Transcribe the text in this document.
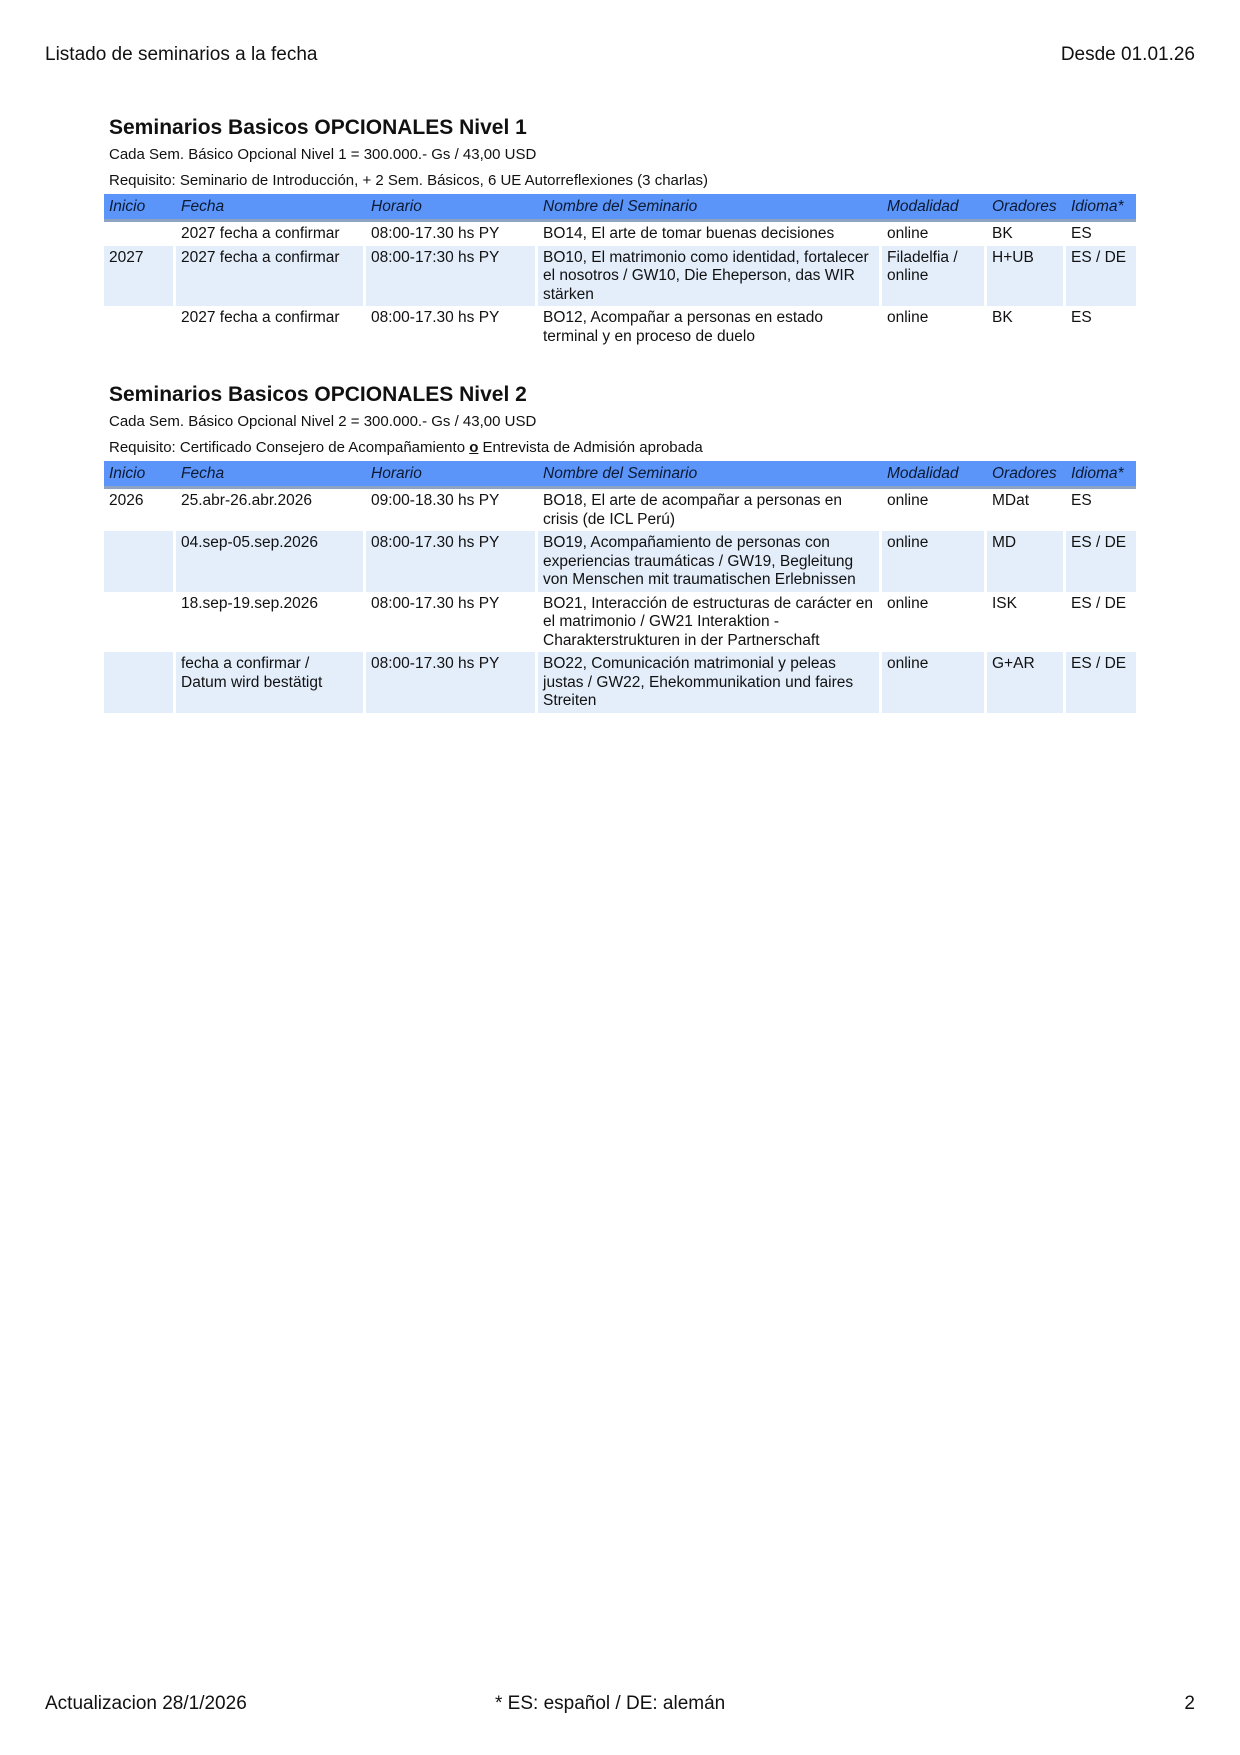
Listado de seminarios a la fecha	Desde 01.01.26
Seminarios Basicos OPCIONALES Nivel 1
Cada Sem. Básico Opcional Nivel 1 = 300.000.- Gs / 43,00 USD
Requisito: Seminario de Introducción, + 2 Sem. Básicos, 6 UE Autorreflexiones (3 charlas)
Inicio	Fecha	Horario	Nombre del Seminario	Modalidad	Oradores	Idioma*
	2027 fecha a confirmar	08:00-17.30 hs PY	BO14, El arte de tomar buenas decisiones	online	BK	ES
2027	2027 fecha a confirmar	08:00-17:30 hs PY	BO10, El matrimonio como identidad, fortalecer el nosotros / GW10, Die Eheperson, das WIR stärken	Filadelfia / online	H+UB	ES / DE
	2027 fecha a confirmar	08:00-17.30 hs PY	BO12, Acompañar a personas en estado terminal y en proceso de duelo	online	BK	ES
Seminarios Basicos OPCIONALES Nivel 2
Cada Sem. Básico Opcional Nivel 2 = 300.000.- Gs / 43,00 USD
Requisito: Certificado Consejero de Acompañamiento o Entrevista de Admisión aprobada
Inicio	Fecha	Horario	Nombre del Seminario	Modalidad	Oradores	Idioma*
2026	25.abr-26.abr.2026	09:00-18.30 hs PY	BO18, El arte de acompañar a personas en crisis (de ICL Perú)	online	MDat	ES
	04.sep-05.sep.2026	08:00-17.30 hs PY	BO19, Acompañamiento de personas con experiencias traumáticas / GW19, Begleitung von Menschen mit traumatischen Erlebnissen	online	MD	ES / DE
	18.sep-19.sep.2026	08:00-17.30 hs PY	BO21, Interacción de estructuras de carácter en el matrimonio / GW21 Interaktion - Charakterstrukturen in der Partnerschaft	online	ISK	ES / DE
	fecha a confirmar / Datum wird bestätigt	08:00-17.30 hs PY	BO22, Comunicación matrimonial y peleas justas / GW22, Ehekommunikation und faires Streiten	online	G+AR	ES / DE
Actualizacion 28/1/2026	* ES: español / DE: alemán	2
